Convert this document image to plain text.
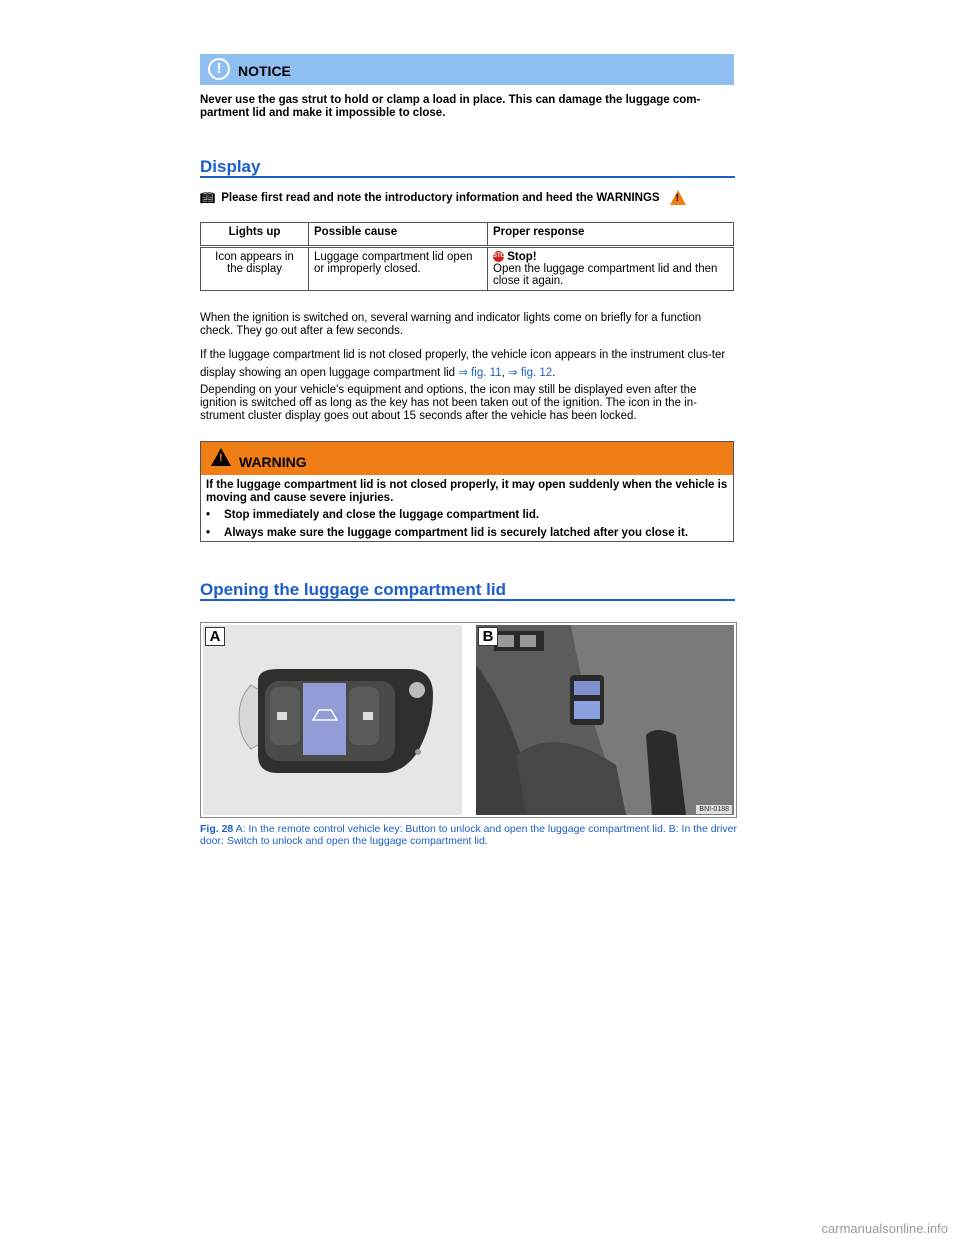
!	NOTICE
Never use the gas strut to hold or clamp a load in place. This can damage the luggage com-partment lid and make it impossible to close.
Display
📖︎ Please first read and note the introductory information and heed the WARNINGS !
Lights up	Possible cause	Proper response
Icon appears in the display	Luggage compartment lid open or improperly closed.	STOP Stop!
Open the luggage compartment lid and then close it again.
When the ignition is switched on, several warning and indicator lights come on briefly for a function check. They go out after a few seconds.
If the luggage compartment lid is not closed properly, the vehicle icon appears in the instrument clus-ter display showing an open luggage compartment lid ⇒ fig. 11, ⇒ fig. 12.
Depending on your vehicle's equipment and options, the icon may still be displayed even after the ignition is switched off as long as the key has not been taken out of the ignition. The icon in the in-strument cluster display goes out about 15 seconds after the vehicle has been locked.
! WARNING
If the luggage compartment lid is not closed properly, it may open suddenly when the vehicle is moving and cause severe injuries.
• Stop immediately and close the luggage compartment lid.
• Always make sure the luggage compartment lid is securely latched after you close it.
Opening the luggage compartment lid
A	B
BNI-0188
Fig. 28 A: In the remote control vehicle key: Button to unlock and open the luggage compartment lid. B: In the driver door: Switch to unlock and open the luggage compartment lid.
carmanualsonline.info
